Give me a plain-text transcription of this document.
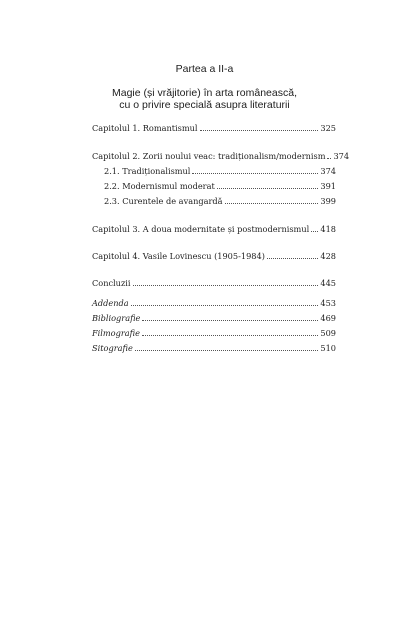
Partea a II-a
Magie (și vrăjitorie) în arta românească,
cu o privire specială asupra literaturii
Capitolul 1. Romantismul	325
Capitolul 2. Zorii noului veac: tradiționalism/modernism 374
2.1. Tradiționalismul	374
2.2. Modernismul moderat	391
2.3. Curentele de avangardă	399
Capitolul 3. A doua modernitate și postmodernismul 418
Capitolul 4. Vasile Lovinescu (1905-1984)	428
Concluzii	445
Addenda	453
Bibliografie	469
Filmografie	509
Sitografie	510
